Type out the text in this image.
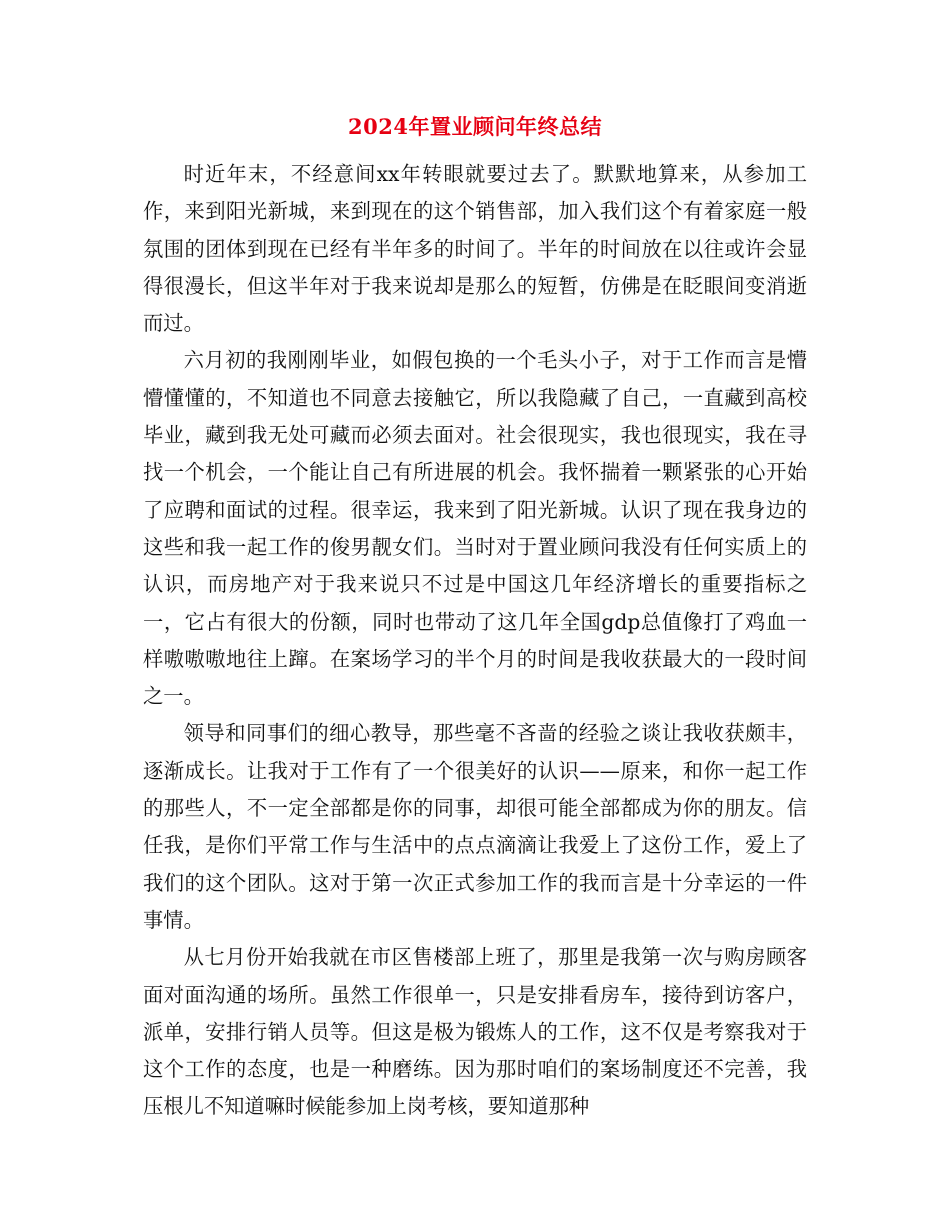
2024年置业顾问年终总结

时近年末，不经意间xx年转眼就要过去了。默默地算来，从参加工作，来到阳光新城，来到现在的这个销售部，加入我们这个有着家庭一般氛围的团体到现在已经有半年多的时间了。半年的时间放在以往或许会显得很漫长，但这半年对于我来说却是那么的短暂，仿佛是在眨眼间变消逝而过。

六月初的我刚刚毕业，如假包换的一个毛头小子，对于工作而言是懵懵懂懂的，不知道也不同意去接触它，所以我隐藏了自己，一直藏到高校毕业，藏到我无处可藏而必须去面对。社会很现实，我也很现实，我在寻找一个机会，一个能让自己有所进展的机会。我怀揣着一颗紧张的心开始了应聘和面试的过程。很幸运，我来到了阳光新城。认识了现在我身边的这些和我一起工作的俊男靓女们。当时对于置业顾问我没有任何实质上的认识，而房地产对于我来说只不过是中国这几年经济增长的重要指标之一，它占有很大的份额，同时也带动了这几年全国gdp总值像打了鸡血一样嗷嗷嗷地往上蹿。在案场学习的半个月的时间是我收获最大的一段时间之一。

领导和同事们的细心教导，那些毫不吝啬的经验之谈让我收获颇丰，逐渐成长。让我对于工作有了一个很美好的认识——原来，和你一起工作的那些人，不一定全部都是你的同事，却很可能全部都成为你的朋友。信任我，是你们平常工作与生活中的点点滴滴让我爱上了这份工作，爱上了我们的这个团队。这对于第一次正式参加工作的我而言是十分幸运的一件事情。

从七月份开始我就在市区售楼部上班了，那里是我第一次与购房顾客面对面沟通的场所。虽然工作很单一，只是安排看房车，接待到访客户，派单，安排行销人员等。但这是极为锻炼人的工作，这不仅是考察我对于这个工作的态度，也是一种磨练。因为那时咱们的案场制度还不完善，我压根儿不知道嘛时候能参加上岗考核，要知道那种
